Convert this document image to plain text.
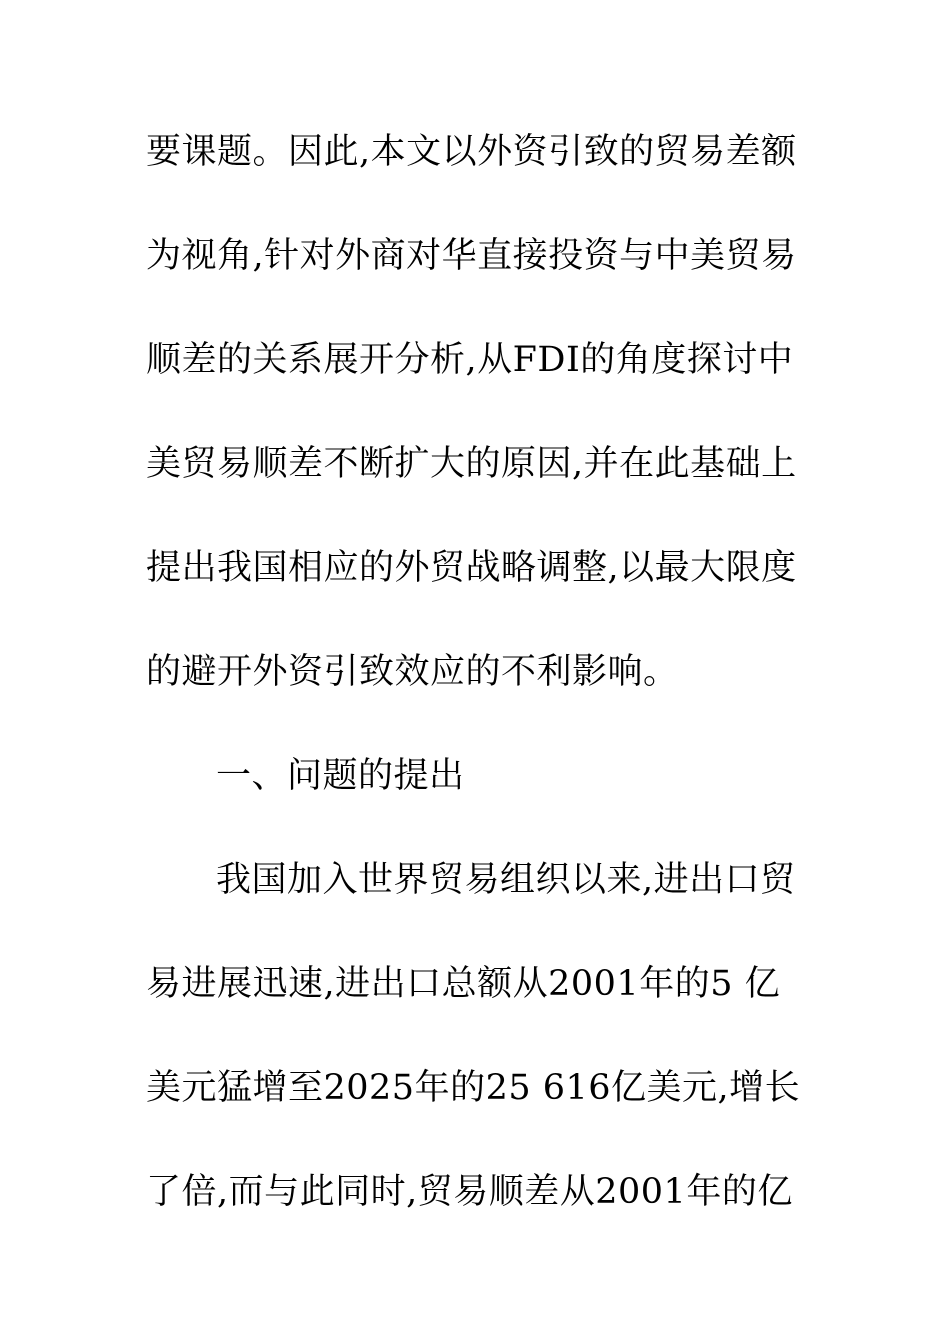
要课题。因此,本文以外资引致的贸易差额
为视角,针对外商对华直接投资与中美贸易
顺差的关系展开分析,从FDI的角度探讨中
美贸易顺差不断扩大的原因,并在此基础上
提出我国相应的外贸战略调整,以最大限度
的避开外资引致效应的不利影响。
一、问题的提出
我国加入世界贸易组织以来,进出口贸
易进展迅速,进出口总额从2001年的5 亿
美元猛增至2025年的25 616亿美元,增长
了倍,而与此同时,贸易顺差从2001年的亿
